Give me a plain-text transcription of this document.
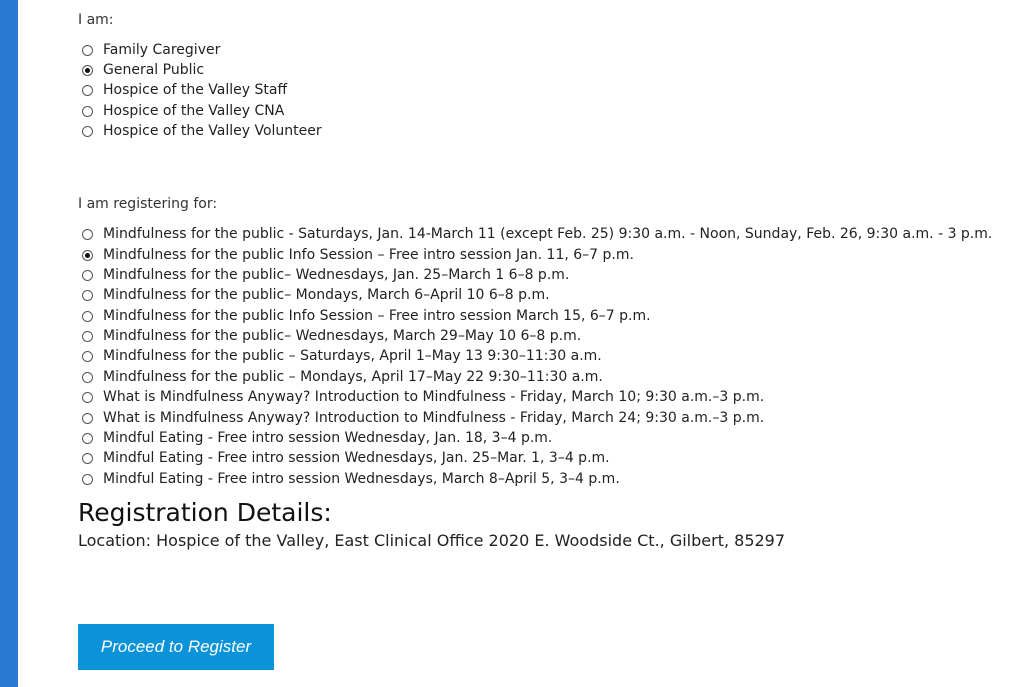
I am:
Family Caregiver
General Public
Hospice of the Valley Staff
Hospice of the Valley CNA
Hospice of the Valley Volunteer
I am registering for:
Mindfulness for the public - Saturdays, Jan. 14-March 11 (except Feb. 25) 9:30 a.m. - Noon, Sunday, Feb. 26, 9:30 a.m. - 3 p.m.
Mindfulness for the public Info Session – Free intro session Jan. 11, 6–7 p.m.
Mindfulness for the public– Wednesdays, Jan. 25–March 1 6–8 p.m.
Mindfulness for the public– Mondays, March 6–April 10 6–8 p.m.
Mindfulness for the public Info Session – Free intro session March 15, 6–7 p.m.
Mindfulness for the public– Wednesdays, March 29–May 10 6–8 p.m.
Mindfulness for the public – Saturdays, April 1–May 13 9:30–11:30 a.m.
Mindfulness for the public – Mondays, April 17–May 22 9:30–11:30 a.m.
What is Mindfulness Anyway? Introduction to Mindfulness - Friday, March 10; 9:30 a.m.–3 p.m.
What is Mindfulness Anyway? Introduction to Mindfulness - Friday, March 24; 9:30 a.m.–3 p.m.
Mindful Eating - Free intro session Wednesday, Jan. 18, 3–4 p.m.
Mindful Eating - Free intro session Wednesdays, Jan. 25–Mar. 1, 3–4 p.m.
Mindful Eating - Free intro session Wednesdays, March 8–April 5, 3–4 p.m.
Registration Details:
Location: Hospice of the Valley, East Clinical Office 2020 E. Woodside Ct., Gilbert, 85297
Proceed to Register
